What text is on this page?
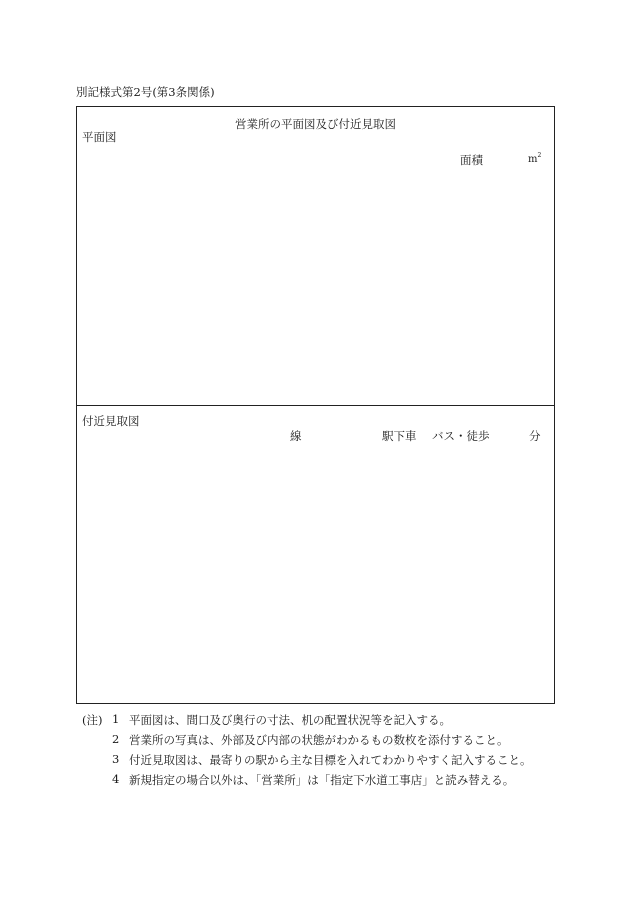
別記様式第2号(第3条関係)
営業所の平面図及び付近見取図
平面図
面積	$m^2$
付近見取図
線	駅下車 バス・徒歩	分
(注) 1 平面図は、間口及び奥行の寸法、机の配置状況等を記入する。
2 営業所の写真は、外部及び内部の状態がわかるもの数枚を添付すること。
3 付近見取図は、最寄りの駅から主な目標を入れてわかりやすく記入すること。
4 新規指定の場合以外は、「営業所」は「指定下水道工事店」と読み替える。
